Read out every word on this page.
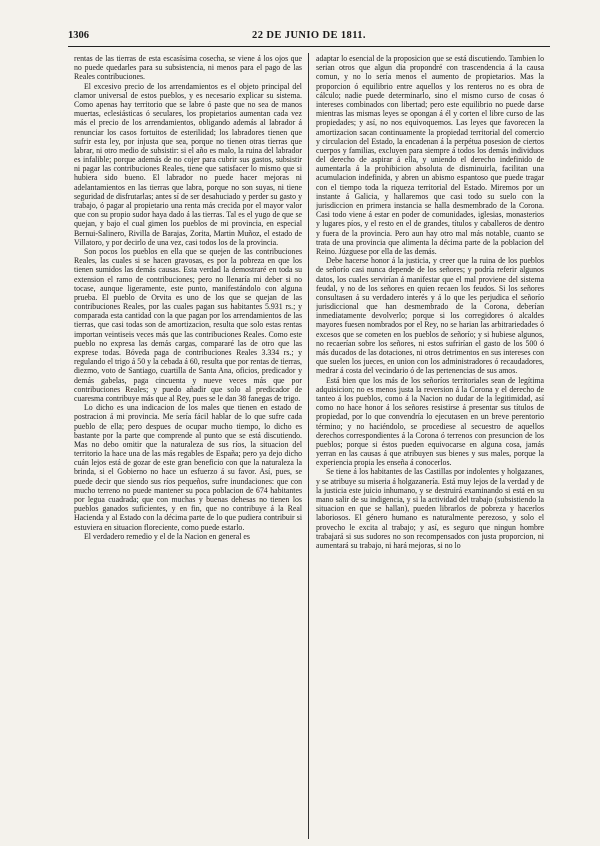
1306	22 DE JUNIO DE 1811.

rentas de las tierras de esta escasísima cosecha, se viene á los ojos que no puede quedarles para su subsistencia, ni menos para el pago de las Reales contribuciones.

El excesivo precio de los arrendamientos es el objeto principal del clamor universal de estos pueblos, y es necesario explicar su sistema. Como apenas hay territorio que se labre ó paste que no sea de manos muertas, eclesiásticas ó seculares, los propietarios aumentan cada vez más el precio de los arrendamientos, obligando además al labrador á renunciar los casos fortuitos de esterilidad; los labradores tienen que sufrir esta ley, por injusta que sea, porque no tienen otras tierras que labrar, ni otro medio de subsistir: si el año es malo, la ruina del labrador es infalible; porque además de no cojer para cubrir sus gastos, subsistir ni pagar las contribuciones Reales, tiene que satisfacer lo mismo que si hubiera sido bueno. El labrador no puede hacer mejoras ni adelantamientos en las tierras que labra, porque no son suyas, ni tiene seguridad de disfrutarlas; antes sí de ser desahuciado y perder su gasto y trabajo, ó pagar al propietario una renta más crecida por el mayor valor que con su propio sudor haya dado á las tierras. Tal es el yugo de que se quejan, y bajo el cual gimen los pueblos de mi provincia, en especial Bernui-Salinero, Rivilla de Barajas, Zorita, Martin Muñoz, el estado de Villatoro, y por decirlo de una vez, casi todos los de la provincia.

Son pocos los pueblos en ella que se quejen de las contribuciones Reales, las cuales si se hacen gravosas, es por la pobreza en que los tienen sumidos las demás causas. Esta verdad la demostraré en toda su extension el ramo de contribuciones; pero no llenaría mi deber si no tocase, aunque ligeramente, este punto, manifestándolo con alguna prueba. El pueblo de Orvita es uno de los que se quejan de las contribuciones Reales, por las cuales pagan sus habitantes 5.931 rs.; y comparada esta cantidad con la que pagan por los arrendamientos de las tierras, que casi todas son de amortizacion, resulta que solo estas rentas importan veintiseis veces más que las contribuciones Reales. Como este pueblo no expresa las demás cargas, compararé las de otro que las exprese todas. Bóveda paga de contribuciones Reales 3.334 rs.; y regulando el trigo á 50 y la cebada á 60, resulta que por rentas de tierras, diezmo, voto de Santiago, cuartilla de Santa Ana, oficios, predicador y demás gabelas, paga cincuenta y nueve veces más que por contribuciones Reales; y puedo añadir que solo al predicador de cuaresma contribuye más que al Rey, pues se le dan 38 fanegas de trigo.

Lo dicho es una indicacion de los males que tienen en estado de postracion á mi provincia. Me sería fácil hablar de lo que sufre cada pueblo de ella; pero despues de ocupar mucho tiempo, lo dicho es bastante por la parte que comprende al punto que se está discutiendo. Mas no debo omitir que la naturaleza de sus ríos, la situacion del territorio la hace una de las más regables de España; pero ya dejo dicho cuán lejos está de gozar de este gran beneficio con que la naturaleza la brinda, si el Gobierno no hace un esfuerzo á su favor. Así, pues, se puede decir que siendo sus ríos pequeños, sufre inundaciones: que con mucho terreno no puede mantener su poca poblacion de 674 habitantes por legua cuadrada; que con muchas y buenas dehesas no tienen los pueblos ganados suficientes, y en fin, que no contribuye á la Real Hacienda y al Estado con la décima parte de lo que pudiera contribuir si estuviera en situacion floreciente, como puede estarlo.

El verdadero remedio y el de la Nacion en general es

adaptar lo esencial de la proposicion que se está discutiendo. Tambien lo serian otros que algun dia propondré con trascendencia á la causa comun, y no lo sería menos el aumento de propietarios. Mas la proporcion ó equilibrio entre aquellos y los renteros no es obra de cálculo; nadie puede determinarlo, sino el mismo curso de cosas ó intereses combinados con libertad; pero este equilibrio no puede darse mientras las mismas leyes se opongan á él y corten el libre curso de las propiedades; y así, no nos equivoquemos. Las leyes que favorecen la amortizacion sacan continuamente la propiedad territorial del comercio y circulacion del Estado, la encadenan á la perpétua posesion de ciertos cuerpos y familias, excluyen para siempre á todos los demás individuos del derecho de aspirar á ella, y uniendo el derecho indefinido de aumentarla á la prohibicion absoluta de disminuirla, facilitan una acumulacion indefinida, y abren un abismo espantoso que puede tragar con el tiempo toda la riqueza territorial del Estado. Miremos por un instante á Galicia, y hallaremos que casi todo su suelo con la jurisdiccion en primera instancia se halla desmembrado de la Corona. Casi todo viene á estar en poder de comunidades, iglesias, monasterios y lugares píos, y el resto en el de grandes, títulos y caballeros de dentro y fuera de la provincia. Pero aun hay otro mal más notable, cuanto se trata de una provincia que alimenta la décima parte de la poblacion del Reino. Júzguese por ella de las demás.

Debe hacerse honor á la justicia, y creer que la ruina de los pueblos de señorío casi nunca depende de los señores; y podría referir algunos datos, los cuales servirían á manifestar que el mal proviene del sistema feudal, y no de los señores en quien recaen los feudos. Si los señores consultasen á su verdadero interés y á lo que les perjudica el señorío jurisdiccional que han desmembrado de la Corona, deberían inmediatamente devolverlo; porque si los corregidores ó alcaldes mayores fuesen nombrados por el Rey, no se harian las arbitrariedades ó excesos que se cometen en los pueblos de señorío; y si hubiese algunos, no recaerían sobre los señores, ni estos sufrirían el gasto de los 500 ó más ducados de las dotaciones, ni otros detrimentos en sus intereses con que suelen los jueces, en union con los administradores ó recaudadores, medrar á costa del vecindario ó de las pertenencias de sus amos.

Está bien que los más de los señoríos territoriales sean de legítima adquisicion; no es menos justa la reversion á la Corona y el derecho de tanteo á los pueblos, como á la Nacion no dudar de la legitimidad, así como no hace honor á los señores resistirse á presentar sus títulos de propiedad, por lo que convendría lo ejecutasen en un breve perentorio término; y no haciéndolo, se procediese al secuestro de aquellos derechos correspondientes á la Corona ó terrenos con presuncion de los pueblos; porque si éstos pueden equivocarse en alguna cosa, jamás yerran en las causas á que atribuyen sus bienes y sus males, porque la experiencia propia les enseña á conocerlos.

Se tiene á los habitantes de las Castillas por indolentes y holgazanes, y se atribuye su miseria á holgazanería. Está muy lejos de la verdad y de la justicia este juicio inhumano, y se destruirá examinando si está en su mano salir de su indigencia, y si la actividad del trabajo (subsistiendo la situacion en que se hallan), pueden librarlos de pobreza y hacerlos laboriosos. El género humano es naturalmente perezoso, y solo el provecho le excita al trabajo; y así, es seguro que ningun hombre trabajará si sus sudores no son recompensados con justa proporcion, ni aumentará su trabajo, ni hará mejoras, si no lo
